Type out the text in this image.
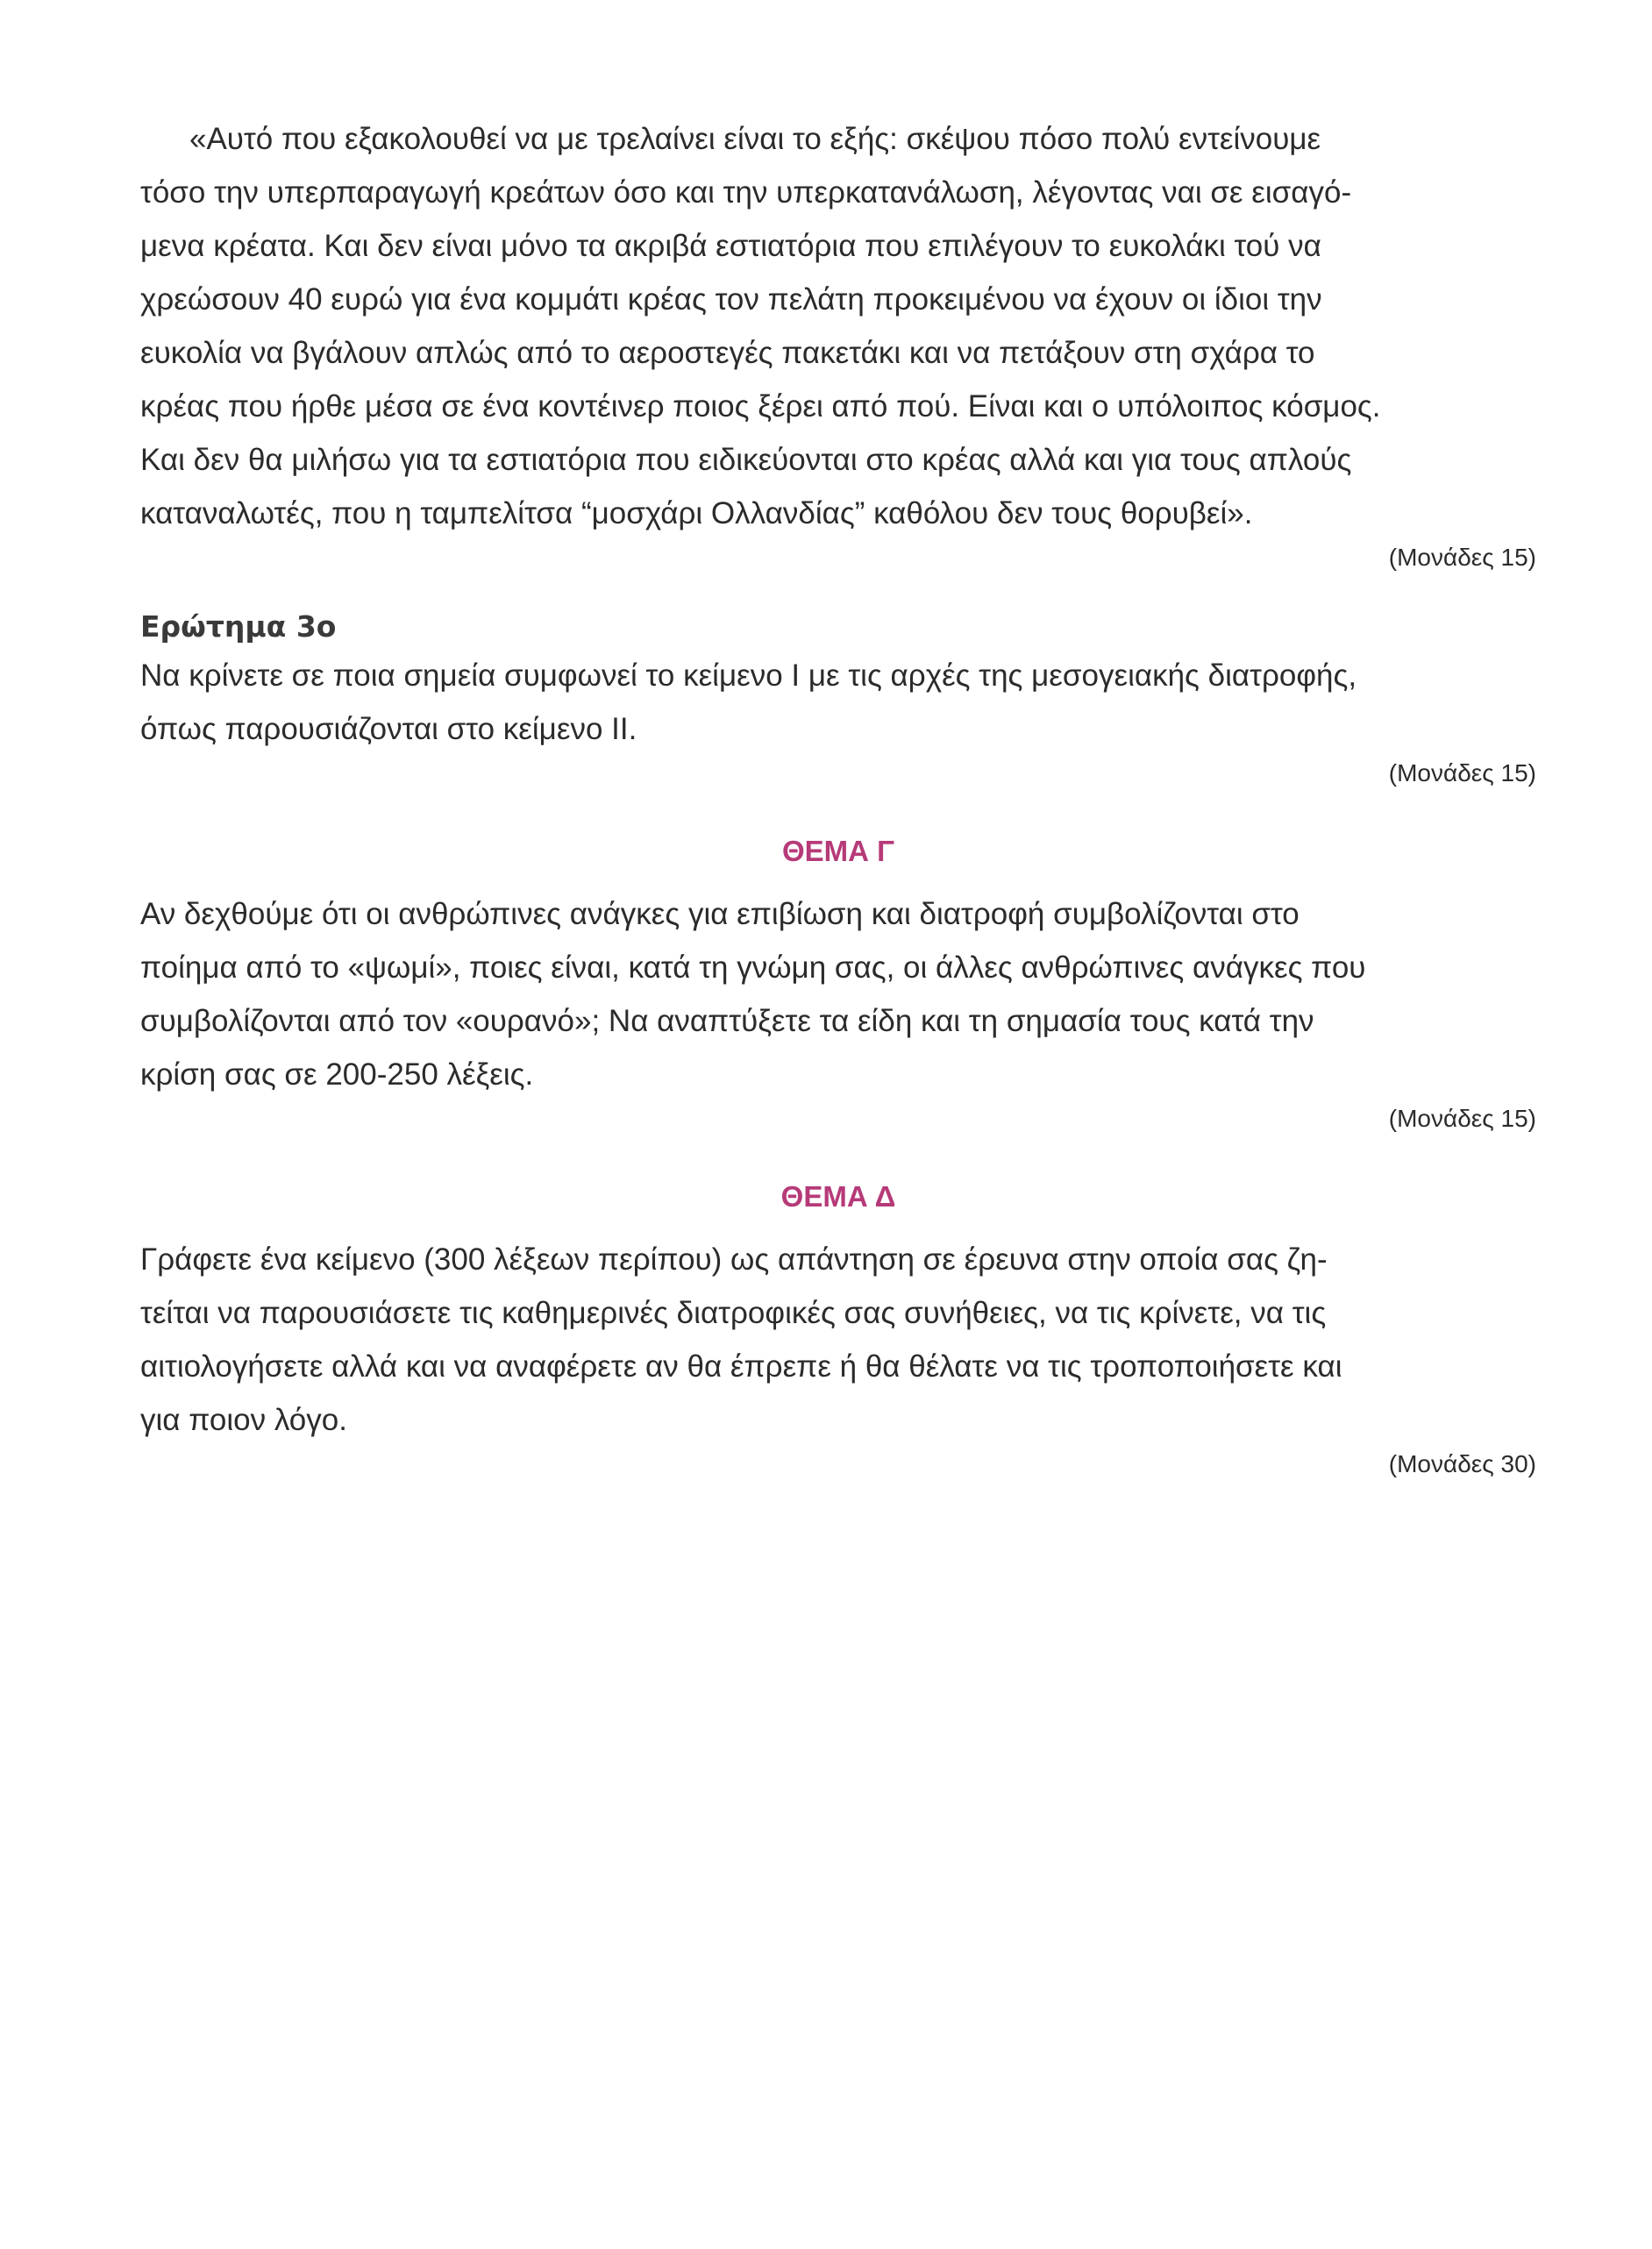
«Αυτό που εξακολουθεί να με τρελαίνει είναι το εξής: σκέψου πόσο πολύ εντείνουμε

τόσο την υπερπαραγωγή κρεάτων όσο και την υπερκατανάλωση, λέγοντας ναι σε εισαγό-

μενα κρέατα. Και δεν είναι μόνο τα ακριβά εστιατόρια που επιλέγουν το ευκολάκι τού να

χρεώσουν 40 ευρώ για ένα κομμάτι κρέας τον πελάτη προκειμένου να έχουν οι ίδιοι την

ευκολία να βγάλουν απλώς από το αεροστεγές πακετάκι και να πετάξουν στη σχάρα το

κρέας που ήρθε μέσα σε ένα κοντέινερ ποιος ξέρει από πού. Είναι και ο υπόλοιπος κόσμος.

Και δεν θα μιλήσω για τα εστιατόρια που ειδικεύονται στο κρέας αλλά και για τους απλούς

καταναλωτές, που η ταμπελίτσα “μοσχάρι Ολλανδίας” καθόλου δεν τους θορυβεί».

(Μονάδες 15)

Ερώτημα 3ο

Να κρίνετε σε ποια σημεία συμφωνεί το κείμενο Ι με τις αρχές της μεσογειακής διατροφής,

όπως παρουσιάζονται στο κείμενο ΙΙ.

(Μονάδες 15)

ΘΕΜΑ Γ

Αν δεχθούμε ότι οι ανθρώπινες ανάγκες για επιβίωση και διατροφή συμβολίζονται στο

ποίημα από το «ψωμί», ποιες είναι, κατά τη γνώμη σας, οι άλλες ανθρώπινες ανάγκες που

συμβολίζονται από τον «ουρανό»; Να αναπτύξετε τα είδη και τη σημασία τους κατά την

κρίση σας σε 200-250 λέξεις.

(Μονάδες 15)

ΘΕΜΑ Δ

Γράφετε ένα κείμενο (300 λέξεων περίπου) ως απάντηση σε έρευνα στην οποία σας ζη-

τείται να παρουσιάσετε τις καθημερινές διατροφικές σας συνήθειες, να τις κρίνετε, να τις

αιτιολογήσετε αλλά και να αναφέρετε αν θα έπρεπε ή θα θέλατε να τις τροποποιήσετε και

για ποιον λόγο.

(Μονάδες 30)
